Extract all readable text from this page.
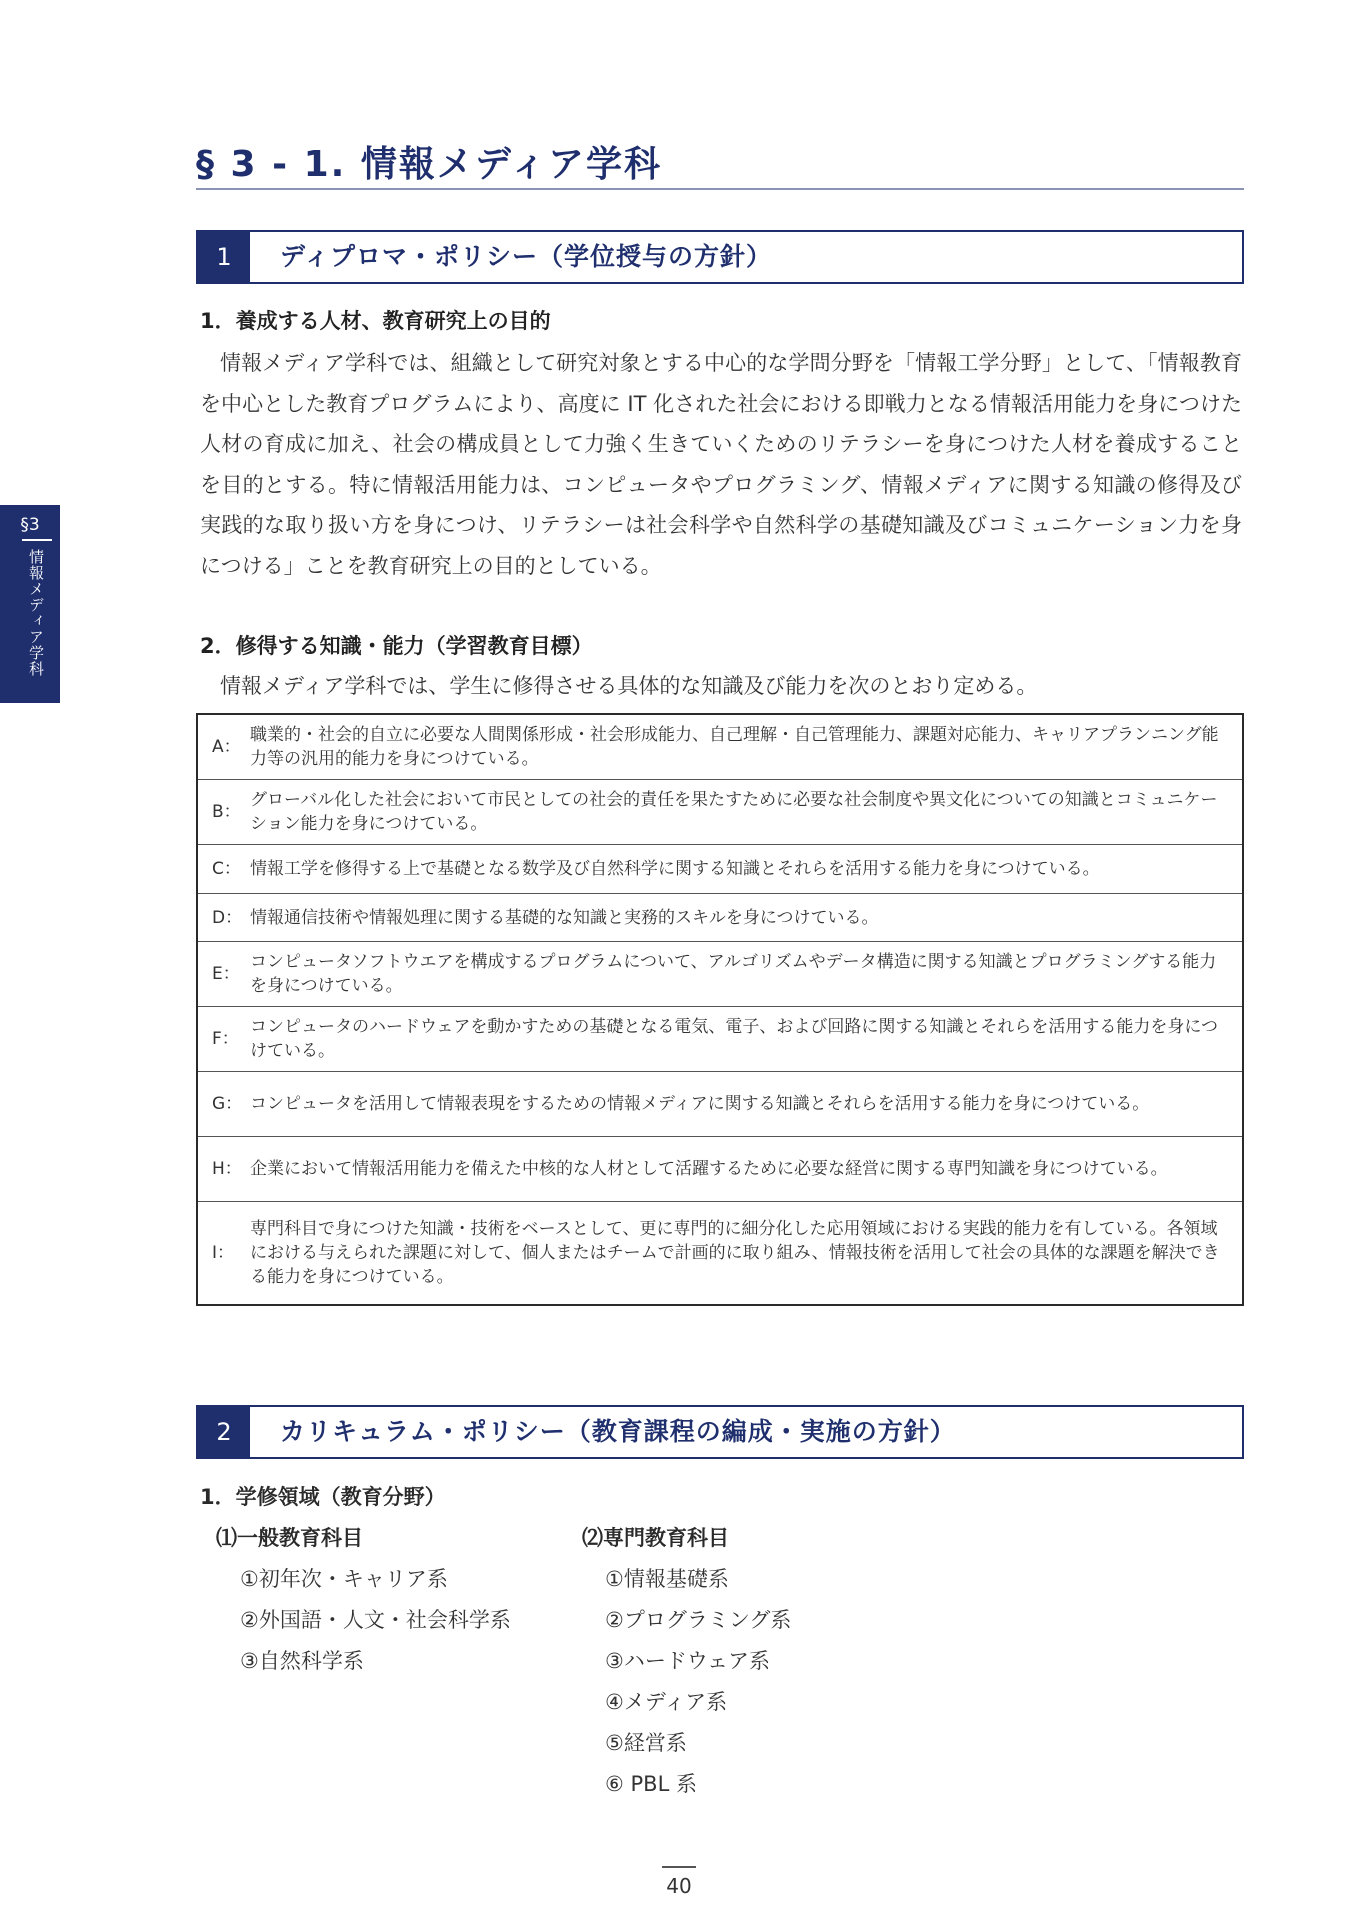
§ 3 - 1. 情報メディア学科
§3
情報メディア学科
1	ディプロマ・ポリシー（学位授与の方針）
1．養成する人材、教育研究上の目的
情報メディア学科では、組織として研究対象とする中心的な学問分野を「情報工学分野」として、「情報教育を中心とした教育プログラムにより、高度に IT 化された社会における即戦力となる情報活用能力を身につけた人材の育成に加え、社会の構成員として力強く生きていくためのリテラシーを身につけた人材を養成することを目的とする。特に情報活用能力は、コンピュータやプログラミング、情報メディアに関する知識の修得及び実践的な取り扱い方を身につけ、リテラシーは社会科学や自然科学の基礎知識及びコミュニケーション力を身につける」ことを教育研究上の目的としている。
2．修得する知識・能力（学習教育目標）
情報メディア学科では、学生に修得させる具体的な知識及び能力を次のとおり定める。
A：
職業的・社会的自立に必要な人間関係形成・社会形成能力、自己理解・自己管理能力、課題対応能力、キャリアプランニング能力等の汎用的能力を身につけている。
B：
グローバル化した社会において市民としての社会的責任を果たすために必要な社会制度や異文化についての知識とコミュニケーション能力を身につけている。
C： 情報工学を修得する上で基礎となる数学及び自然科学に関する知識とそれらを活用する能力を身につけている。
D： 情報通信技術や情報処理に関する基礎的な知識と実務的スキルを身につけている。
E：
コンピュータソフトウエアを構成するプログラムについて、アルゴリズムやデータ構造に関する知識とプログラミングする能力を身につけている。
F：
コンピュータのハードウェアを動かすための基礎となる電気、電子、および回路に関する知識とそれらを活用する能力を身につけている。
G： コンピュータを活用して情報表現をするための情報メディアに関する知識とそれらを活用する能力を身につけている。
H： 企業において情報活用能力を備えた中核的な人材として活躍するために必要な経営に関する専門知識を身につけている。
I：
専門科目で身につけた知識・技術をベースとして、更に専門的に細分化した応用領域における実践的能力を有している。各領域における与えられた課題に対して、個人またはチームで計画的に取り組み、情報技術を活用して社会の具体的な課題を解決できる能力を身につけている。
2	カリキュラム・ポリシー（教育課程の編成・実施の方針）
1．学修領域（教育分野）
⑴一般教育科目
①初年次・キャリア系
②外国語・人文・社会科学系
③自然科学系
⑵専門教育科目
①情報基礎系
②プログラミング系
③ハードウェア系
④メディア系
⑤経営系
⑥ PBL 系
40
